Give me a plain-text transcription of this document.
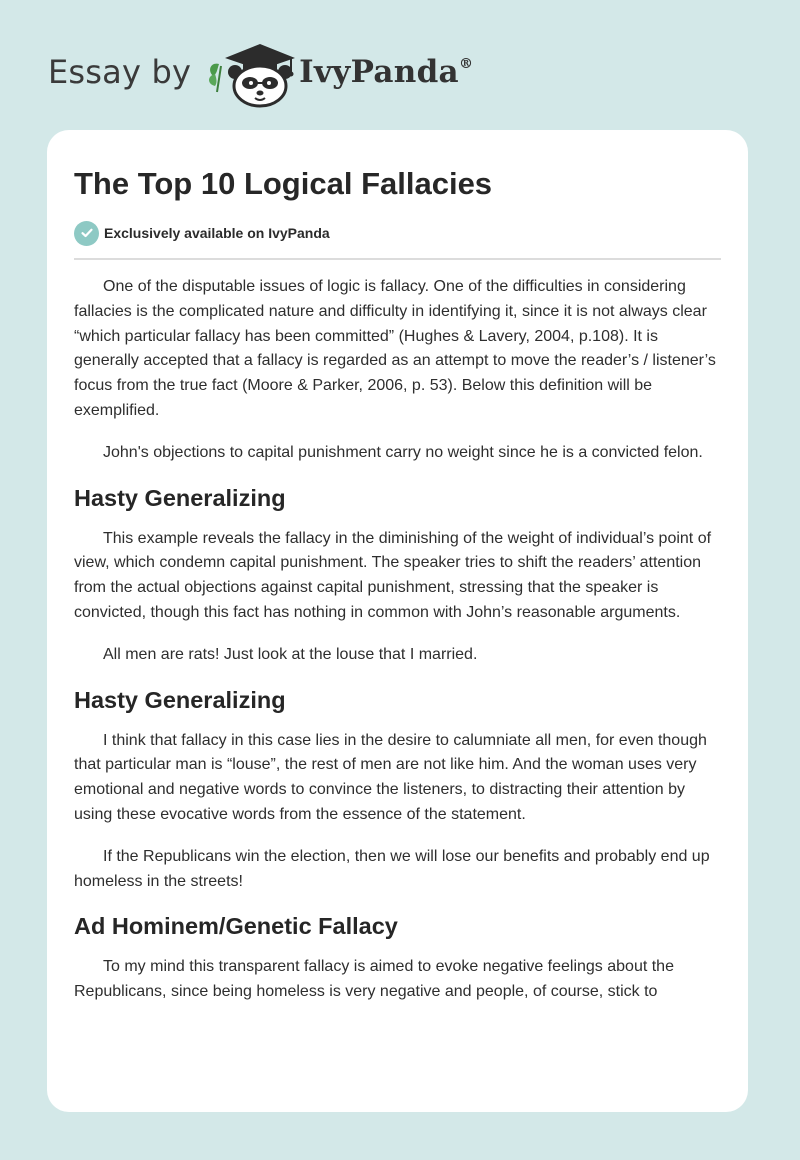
Essay by	IvyPanda®
The Top 10 Logical Fallacies
Exclusively available on IvyPanda

One of the disputable issues of logic is fallacy. One of the difficulties in considering fallacies is the complicated nature and difficulty in identifying it, since it is not always clear “which particular fallacy has been committed” (Hughes & Lavery, 2004, p.108). It is generally accepted that a fallacy is regarded as an attempt to move the reader’s / listener’s focus from the true fact (Moore & Parker, 2006, p. 53). Below this definition will be exemplified.

John's objections to capital punishment carry no weight since he is a convicted felon.

Hasty Generalizing

This example reveals the fallacy in the diminishing of the weight of individual’s point of view, which condemn capital punishment. The speaker tries to shift the readers’ attention from the actual objections against capital punishment, stressing that the speaker is convicted, though this fact has nothing in common with John’s reasonable arguments.

All men are rats! Just look at the louse that I married.

Hasty Generalizing

I think that fallacy in this case lies in the desire to calumniate all men, for even though that particular man is “louse”, the rest of men are not like him. And the woman uses very emotional and negative words to convince the listeners, to distracting their attention by using these evocative words from the essence of the statement.

If the Republicans win the election, then we will lose our benefits and probably end up homeless in the streets!

Ad Hominem/Genetic Fallacy

To my mind this transparent fallacy is aimed to evoke negative feelings about the Republicans, since being homeless is very negative and people, of course, stick to
